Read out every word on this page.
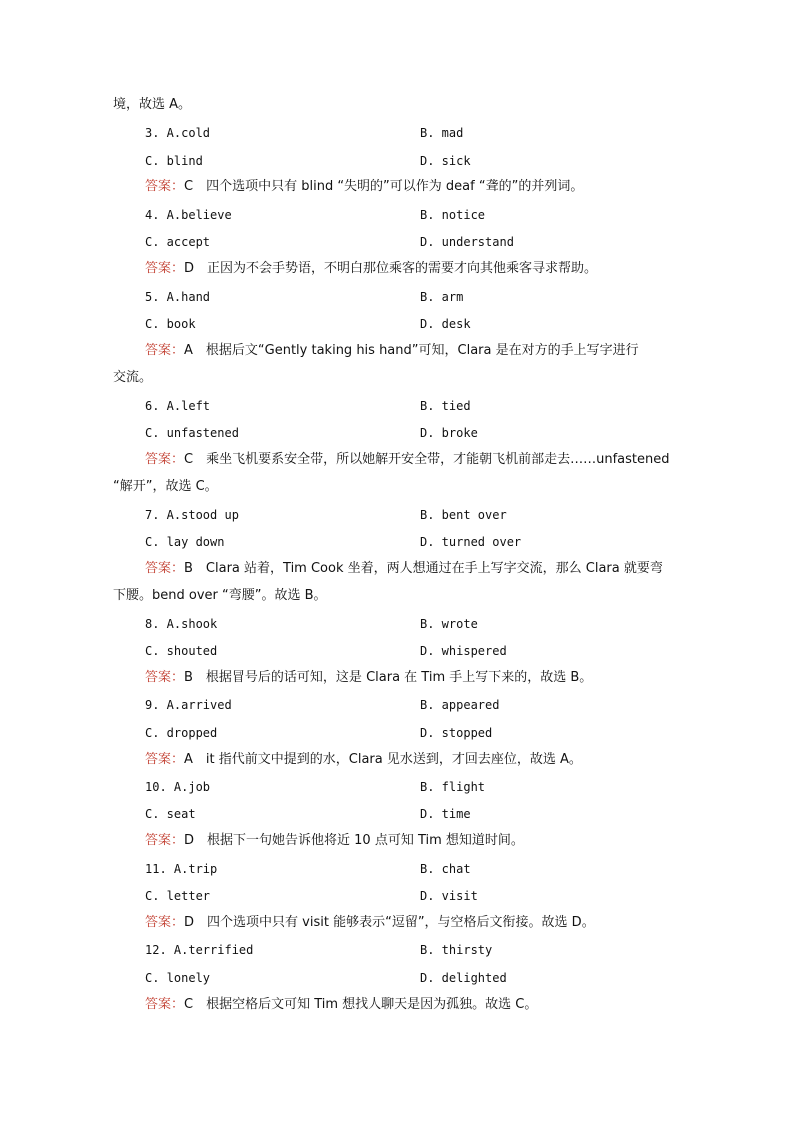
境，故选 A。
3. A.cold	B. mad
C. blind	D. sick
答案：C　四个选项中只有 blind “失明的”可以作为 deaf “聋的”的并列词。
4. A.believe	B. notice
C. accept	D. understand
答案：D　正因为不会手势语，不明白那位乘客的需要才向其他乘客寻求帮助。
5. A.hand	B. arm
C. book	D. desk
答案：A　根据后文“Gently taking his hand”可知，Clara 是在对方的手上写字进行
交流。
6. A.left	B. tied
C. unfastened	D. broke
答案：C　乘坐飞机要系安全带，所以她解开安全带，才能朝飞机前部走去……unfastened
“解开”，故选 C。
7. A.stood up	B. bent over
C. lay down	D. turned over
答案：B　Clara 站着，Tim Cook 坐着，两人想通过在手上写字交流，那么 Clara 就要弯
下腰。bend over “弯腰”。故选 B。
8. A.shook	B. wrote
C. shouted	D. whispered
答案：B　根据冒号后的话可知，这是 Clara 在 Tim 手上写下来的，故选 B。
9. A.arrived	B. appeared
C. dropped	D. stopped
答案：A　it 指代前文中提到的水，Clara 见水送到，才回去座位，故选 A。
10. A.job	B. flight
C. seat	D. time
答案：D　根据下一句她告诉他将近 10 点可知 Tim 想知道时间。
11. A.trip	B. chat
C. letter	D. visit
答案：D　四个选项中只有 visit 能够表示“逗留”，与空格后文衔接。故选 D。
12. A.terrified	B. thirsty
C. lonely	D. delighted
答案：C　根据空格后文可知 Tim 想找人聊天是因为孤独。故选 C。
